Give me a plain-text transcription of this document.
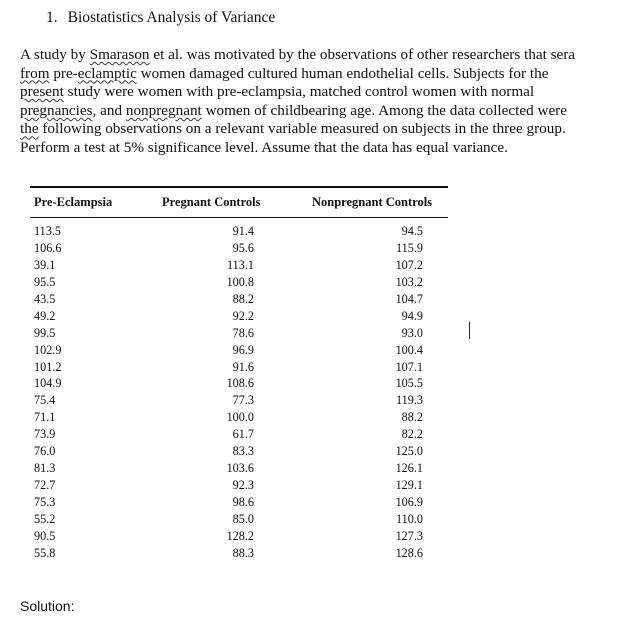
1. Biostatistics Analysis of Variance
A study by Smarason et al. was motivated by the observations of other researchers that sera
from pre-eclamptic women damaged cultured human endothelial cells. Subjects for the
present study were women with pre-eclampsia, matched control women with normal
pregnancies, and nonpregnant women of childbearing age. Among the data collected were
the following observations on a relevant variable measured on subjects in the three group.
Perform a test at 5% significance level. Assume that the data has equal variance.
Pre-Eclampsia	Pregnant Controls	Nonpregnant Controls
113.5	91.4	94.5
106.6	95.6	115.9
39.1	113.1	107.2
95.5	100.8	103.2
43.5	88.2	104.7
49.2	92.2	94.9
99.5	78.6	93.0
102.9	96.9	100.4
101.2	91.6	107.1
104.9	108.6	105.5
75.4	77.3	119.3
71.1	100.0	88.2
73.9	61.7	82.2
76.0	83.3	125.0
81.3	103.6	126.1
72.7	92.3	129.1
75.3	98.6	106.9
55.2	85.0	110.0
90.5	128.2	127.3
55.8	88.3	128.6
Solution:
